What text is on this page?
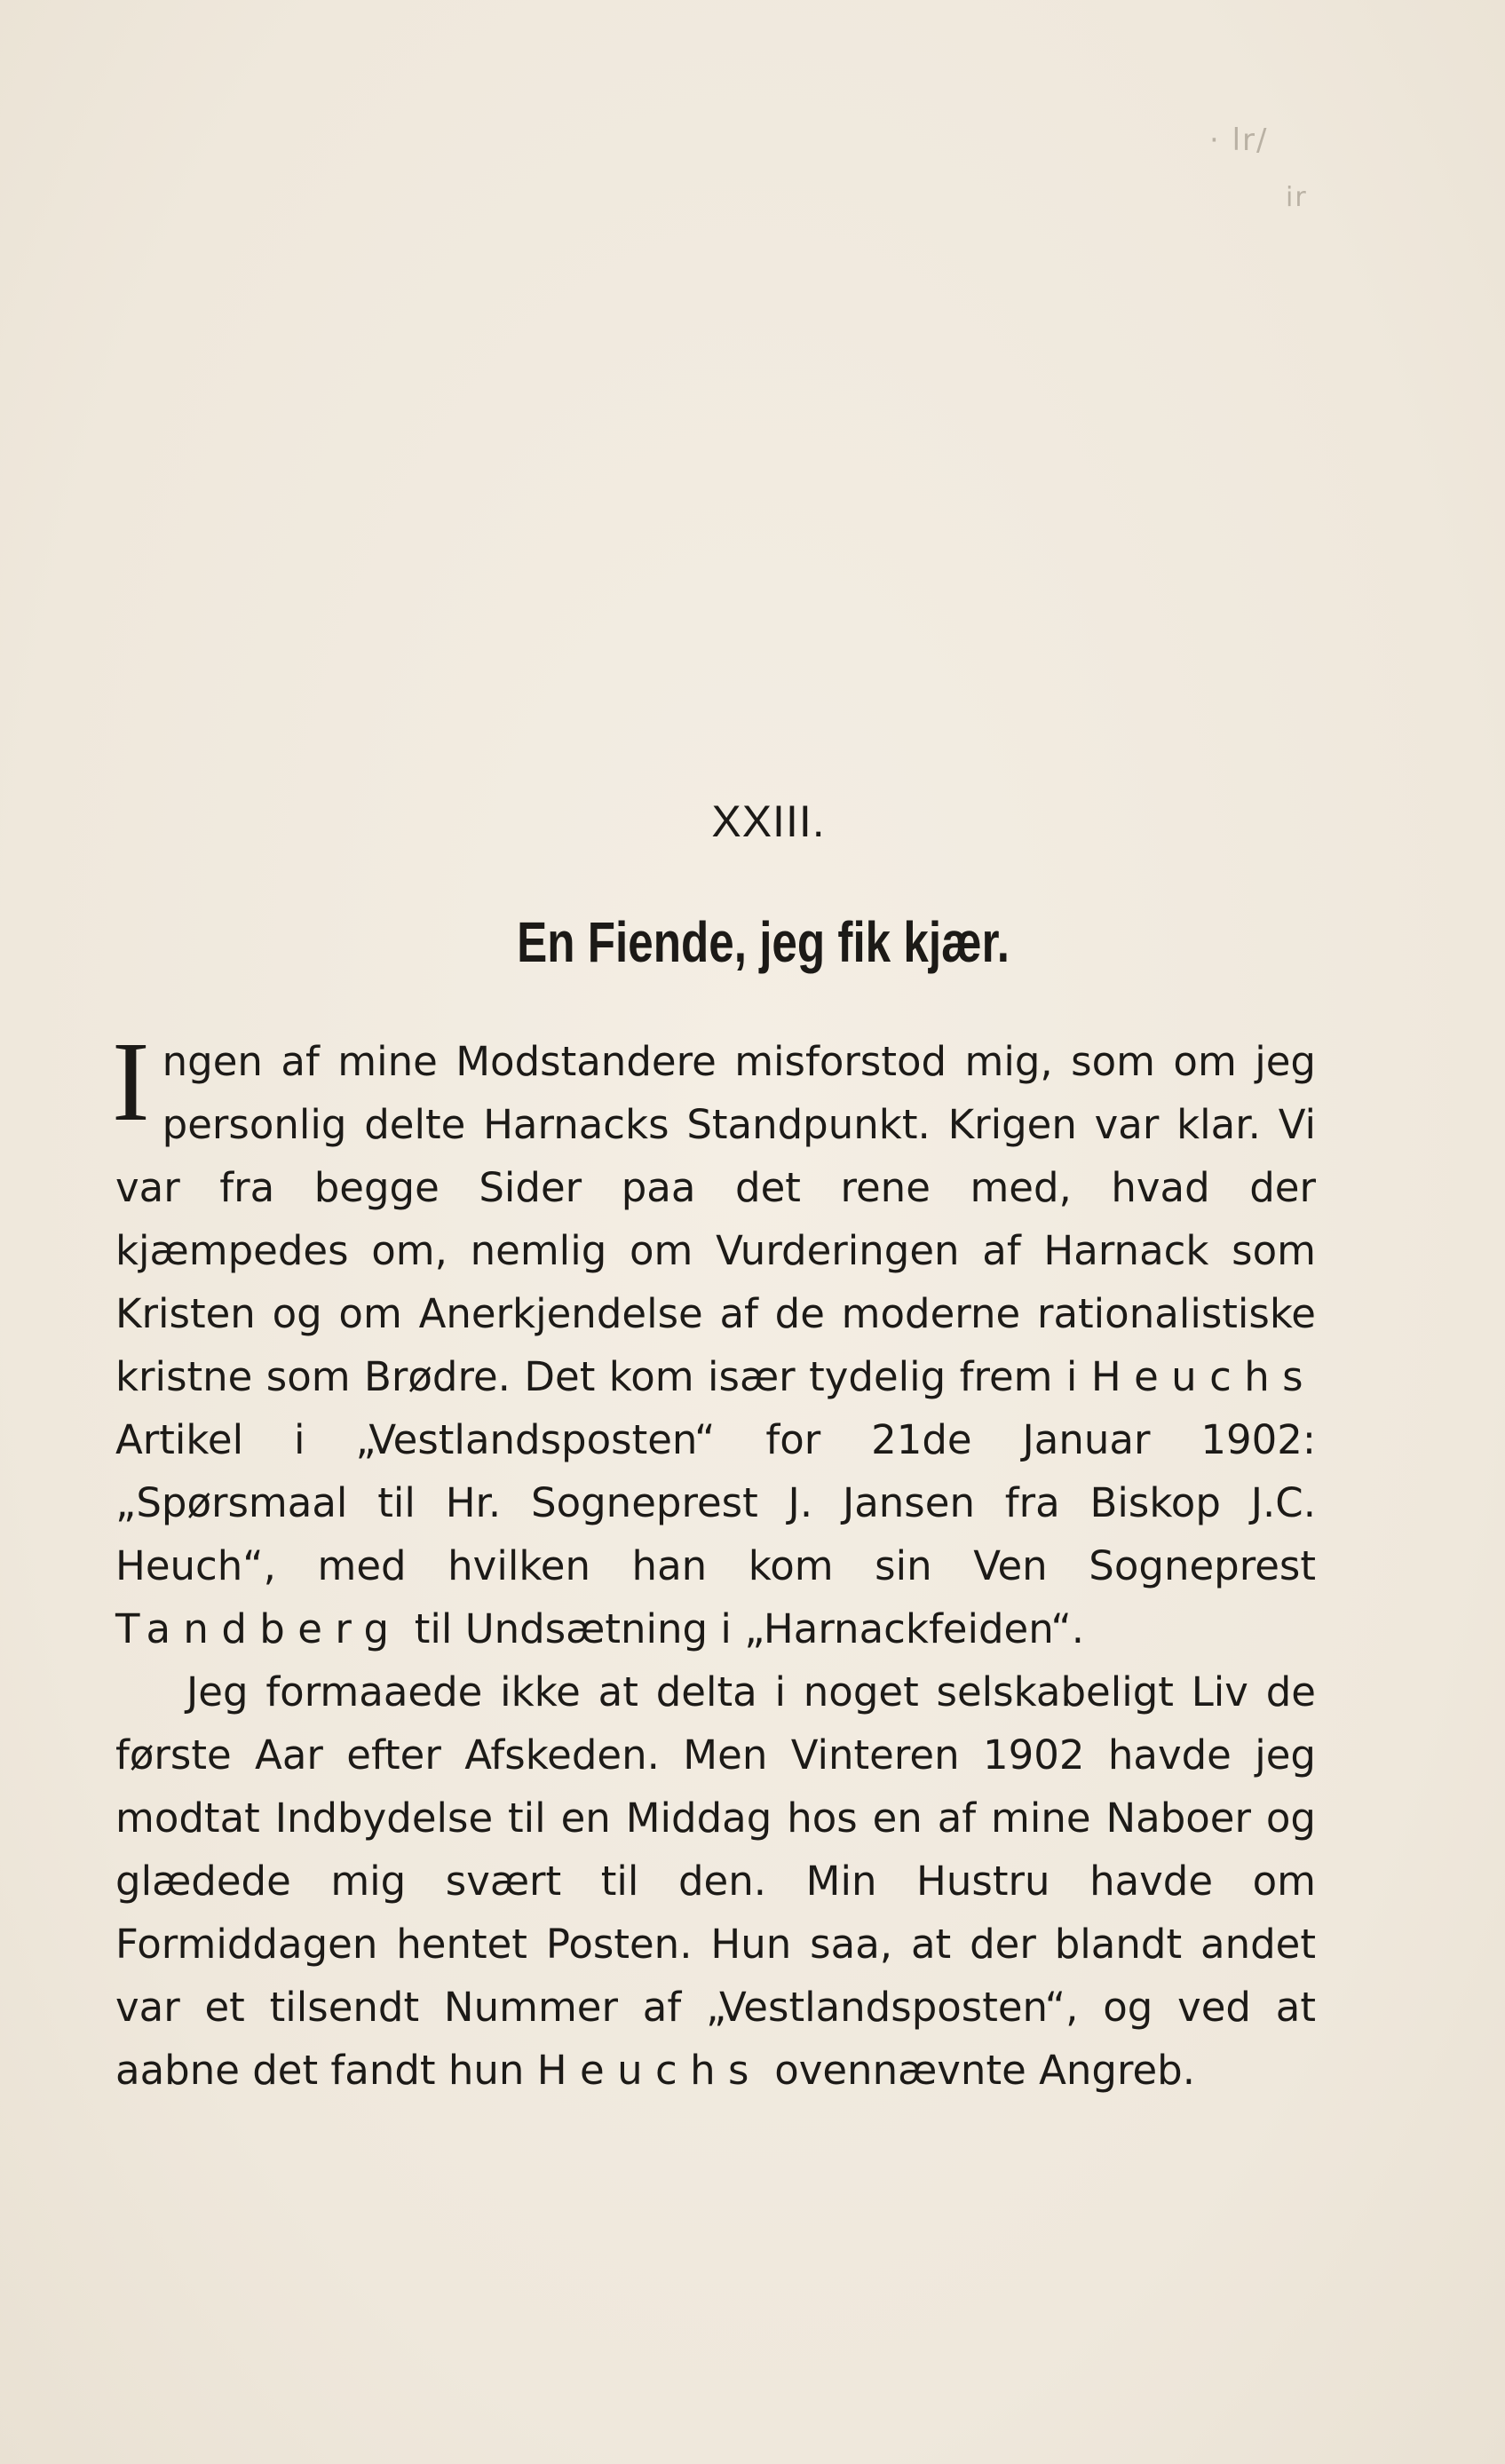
· lr/
ir
XXIII.
En Fiende, jeg fik kjær.

Ingen af mine Modstandere misforstod mig, som om jeg personlig delte Harnacks Standpunkt. Krigen var klar. Vi var fra begge Sider paa det rene med, hvad der kjæmpedes om, nemlig om Vurderingen af Harnack som Kristen og om Anerkjendelse af de moderne rationalistiske kristne som Brødre. Det kom især tydelig frem i Heuchs Artikel i „Vestlandsposten“ for 21de Januar 1902: „Spørsmaal til Hr. Sogneprest J. Jansen fra Biskop J.C. Heuch“, med hvilken han kom sin Ven Sogneprest Tandberg til Undsætning i „Harnackfeiden“.

Jeg formaaede ikke at delta i noget selskabeligt Liv de første Aar efter Afskeden. Men Vinteren 1902 havde jeg modtat Indbydelse til en Middag hos en af mine Naboer og glædede mig svært til den. Min Hustru havde om Formiddagen hentet Posten. Hun saa, at der blandt andet var et tilsendt Nummer af „Vestlandsposten“, og ved at aabne det fandt hun Heuchs ovennævnte Angreb.
